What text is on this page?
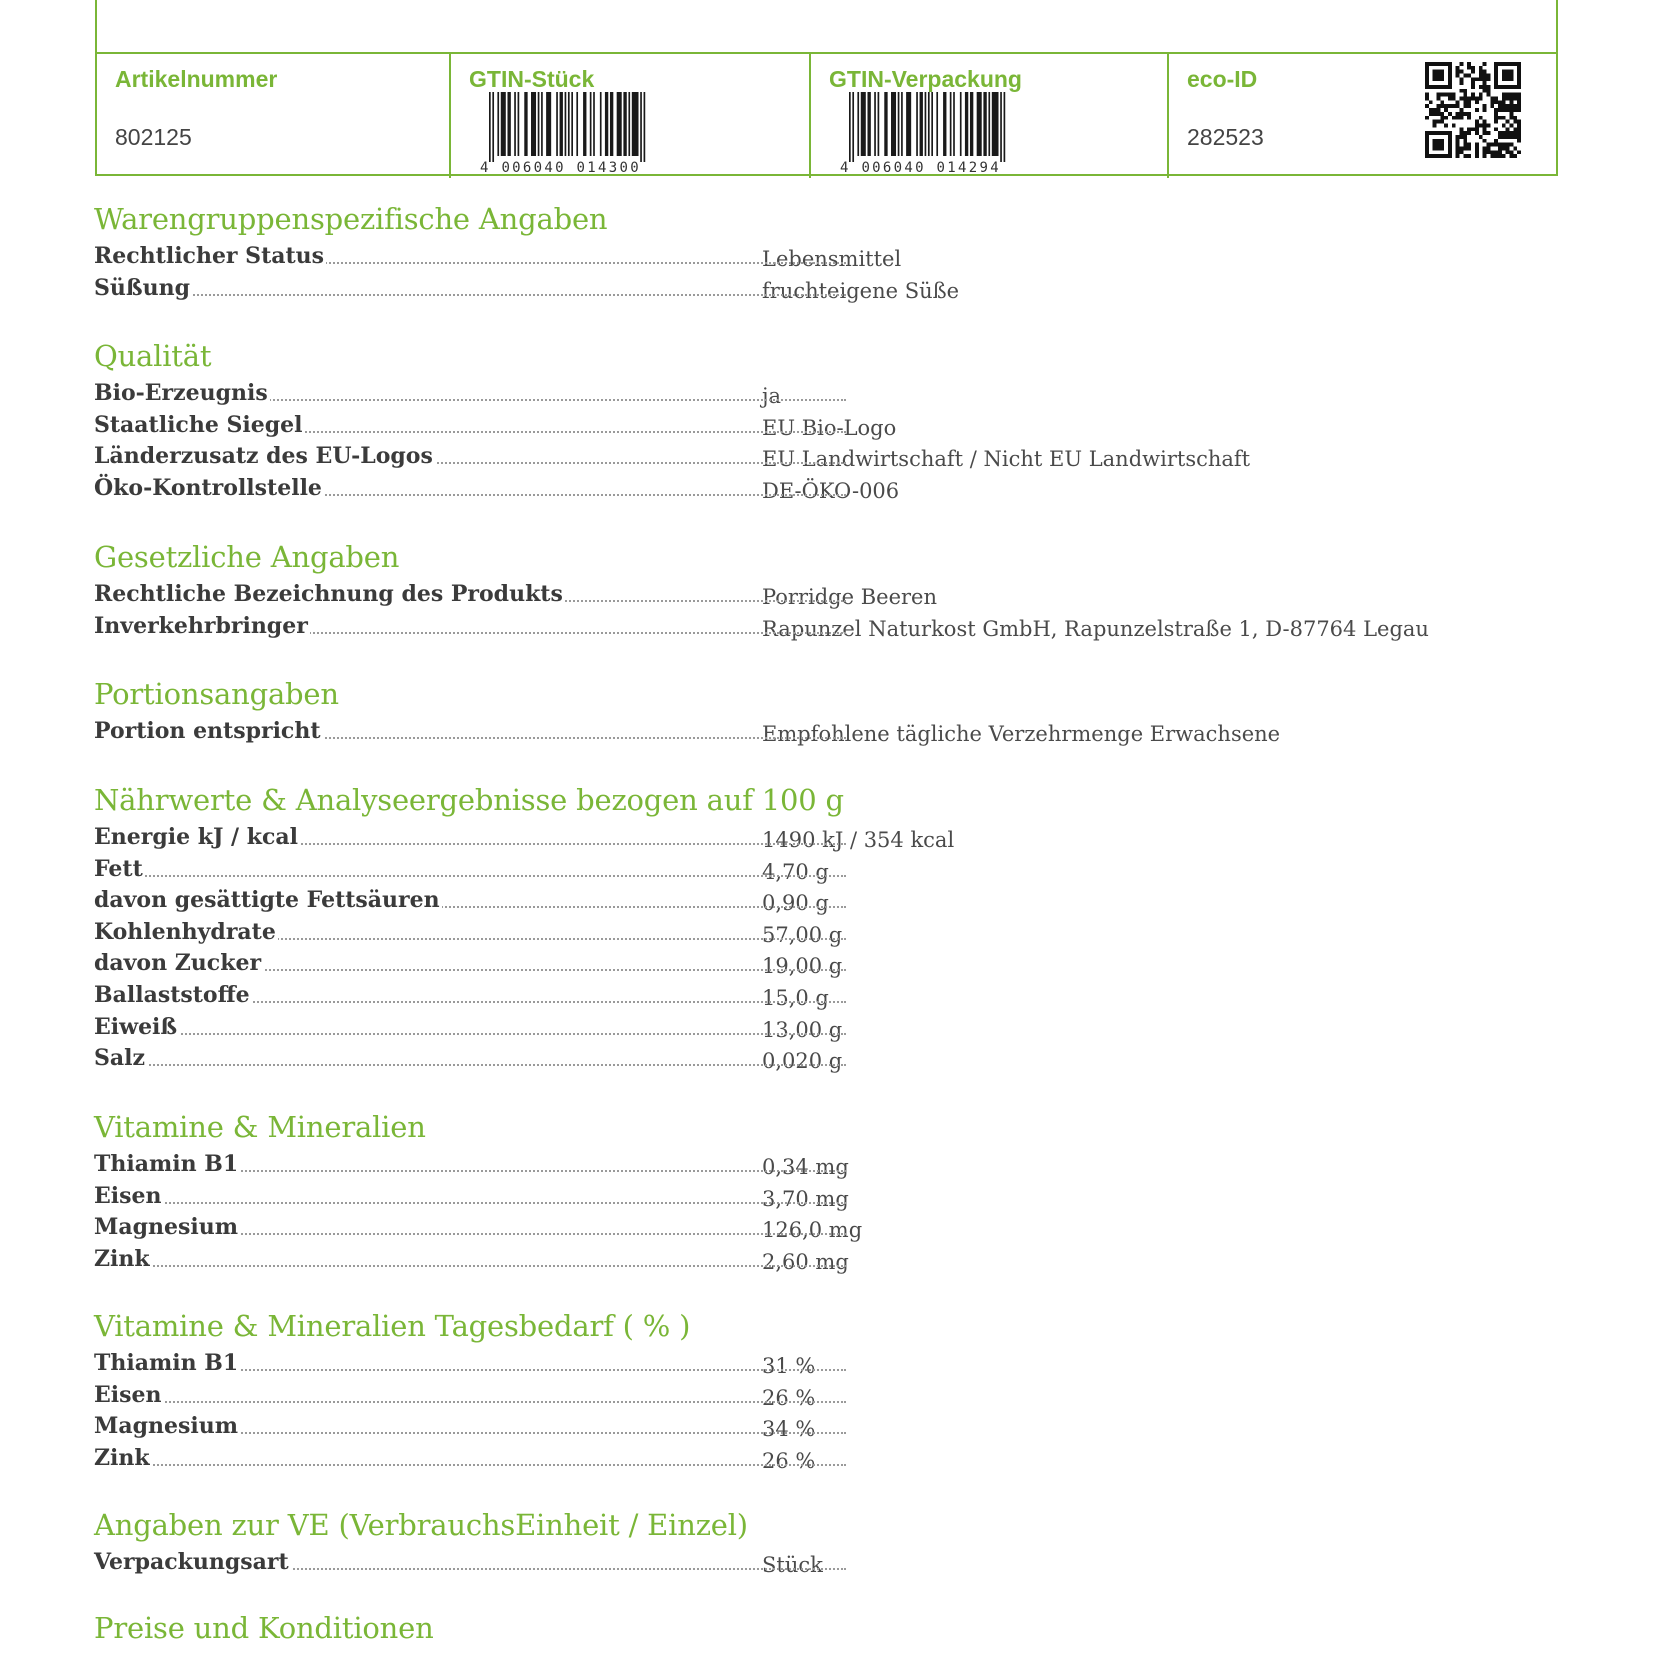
Artikelnummer
802125
GTIN-Stück
4 006040 014300
GTIN-Verpackung
4 006040 014294
eco-ID
282523
Warengruppenspezifische Angaben
Rechtlicher Status	Lebensmittel
Süßung	fruchteigene Süße
Qualität
Bio-Erzeugnis	ja
Staatliche Siegel	EU Bio-Logo
Länderzusatz des EU-Logos	EU Landwirtschaft / Nicht EU Landwirtschaft
Öko-Kontrollstelle	DE-ÖKO-006
Gesetzliche Angaben
Rechtliche Bezeichnung des Produkts	Porridge Beeren
Inverkehrbringer	Rapunzel Naturkost GmbH, Rapunzelstraße 1, D-87764 Legau
Portionsangaben
Portion entspricht	Empfohlene tägliche Verzehrmenge Erwachsene
Nährwerte & Analyseergebnisse bezogen auf 100 g
Energie kJ / kcal	1490 kJ / 354 kcal
Fett	4,70 g
davon gesättigte Fettsäuren	0,90 g
Kohlenhydrate	57,00 g
davon Zucker	19,00 g
Ballaststoffe	15,0 g
Eiweiß	13,00 g
Salz	0,020 g
Vitamine & Mineralien
Thiamin B1	0,34 mg
Eisen	3,70 mg
Magnesium	126,0 mg
Zink	2,60 mg
Vitamine & Mineralien Tagesbedarf ( % )
Thiamin B1	31 %
Eisen	26 %
Magnesium	34 %
Zink	26 %
Angaben zur VE (VerbrauchsEinheit / Einzel)
Verpackungsart	Stück
Preise und Konditionen
